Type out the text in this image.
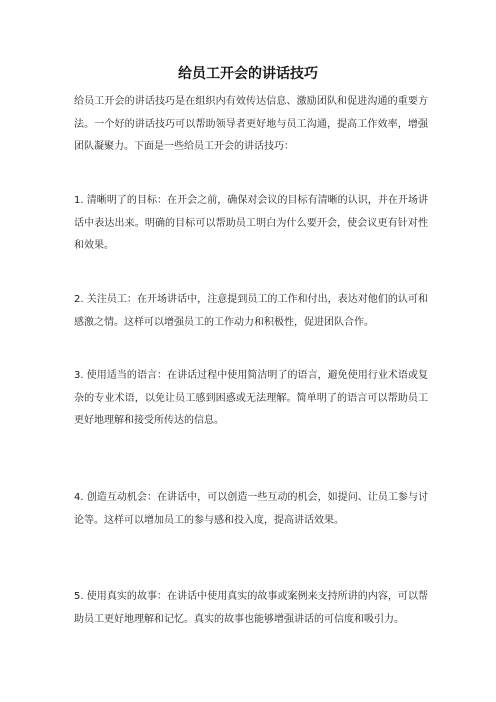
给员工开会的讲话技巧

给员工开会的讲话技巧是在组织内有效传达信息、激励团队和促进沟通的重要方法。一个好的讲话技巧可以帮助领导者更好地与员工沟通，提高工作效率，增强团队凝聚力。下面是一些给员工开会的讲话技巧：

1. 清晰明了的目标：在开会之前，确保对会议的目标有清晰的认识，并在开场讲话中表达出来。明确的目标可以帮助员工明白为什么要开会，使会议更有针对性和效果。

2. 关注员工：在开场讲话中，注意提到员工的工作和付出，表达对他们的认可和感激之情。这样可以增强员工的工作动力和积极性，促进团队合作。

3. 使用适当的语言：在讲话过程中使用简洁明了的语言，避免使用行业术语或复杂的专业术语，以免让员工感到困惑或无法理解。简单明了的语言可以帮助员工更好地理解和接受所传达的信息。

4. 创造互动机会：在讲话中，可以创造一些互动的机会，如提问、让员工参与讨论等。这样可以增加员工的参与感和投入度，提高讲话效果。

5. 使用真实的故事：在讲话中使用真实的故事或案例来支持所讲的内容，可以帮助员工更好地理解和记忆。真实的故事也能够增强讲话的可信度和吸引力。
